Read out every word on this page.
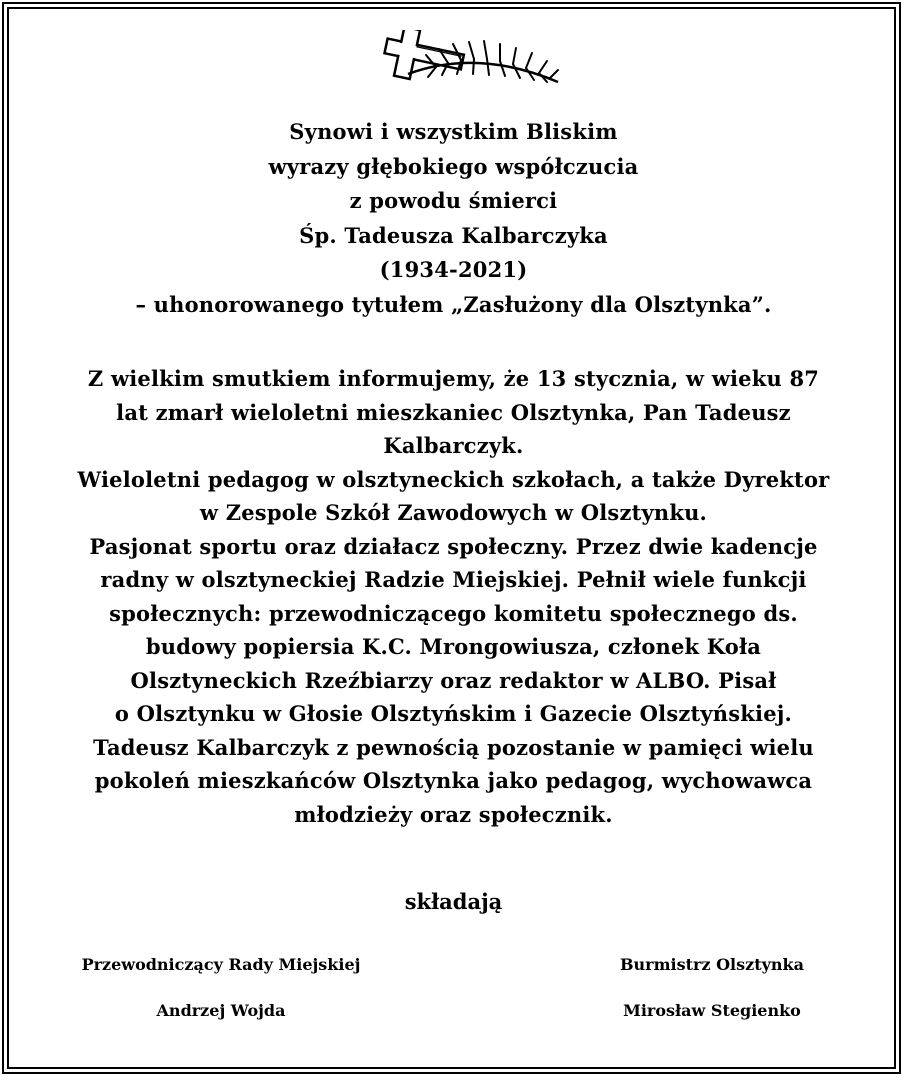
Synowi i wszystkim Bliskim
wyrazy głębokiego współczucia
z powodu śmierci
Śp. Tadeusza Kalbarczyka
(1934-2021)
– uhonorowanego tytułem „Zasłużony dla Olsztynka”.

Z wielkim smutkiem informujemy, że 13 stycznia, w wieku 87
lat zmarł wieloletni mieszkaniec Olsztynka, Pan Tadeusz
Kalbarczyk.
Wieloletni pedagog w olsztyneckich szkołach, a także Dyrektor
w Zespole Szkół Zawodowych w Olsztynku.
Pasjonat sportu oraz działacz społeczny. Przez dwie kadencje
radny w olsztyneckiej Radzie Miejskiej. Pełnił wiele funkcji
społecznych: przewodniczącego komitetu społecznego ds.
budowy popiersia K.C. Mrongowiusza, członek Koła
Olsztyneckich Rzeźbiarzy oraz redaktor w ALBO. Pisał
o Olsztynku w Głosie Olsztyńskim i Gazecie Olsztyńskiej.
Tadeusz Kalbarczyk z pewnością pozostanie w pamięci wielu
pokoleń mieszkańców Olsztynka jako pedagog, wychowawca
młodzieży oraz społecznik.

składają

Przewodniczący Rady Miejskiej	Burmistrz Olsztynka

Andrzej Wojda	Mirosław Stegienko
